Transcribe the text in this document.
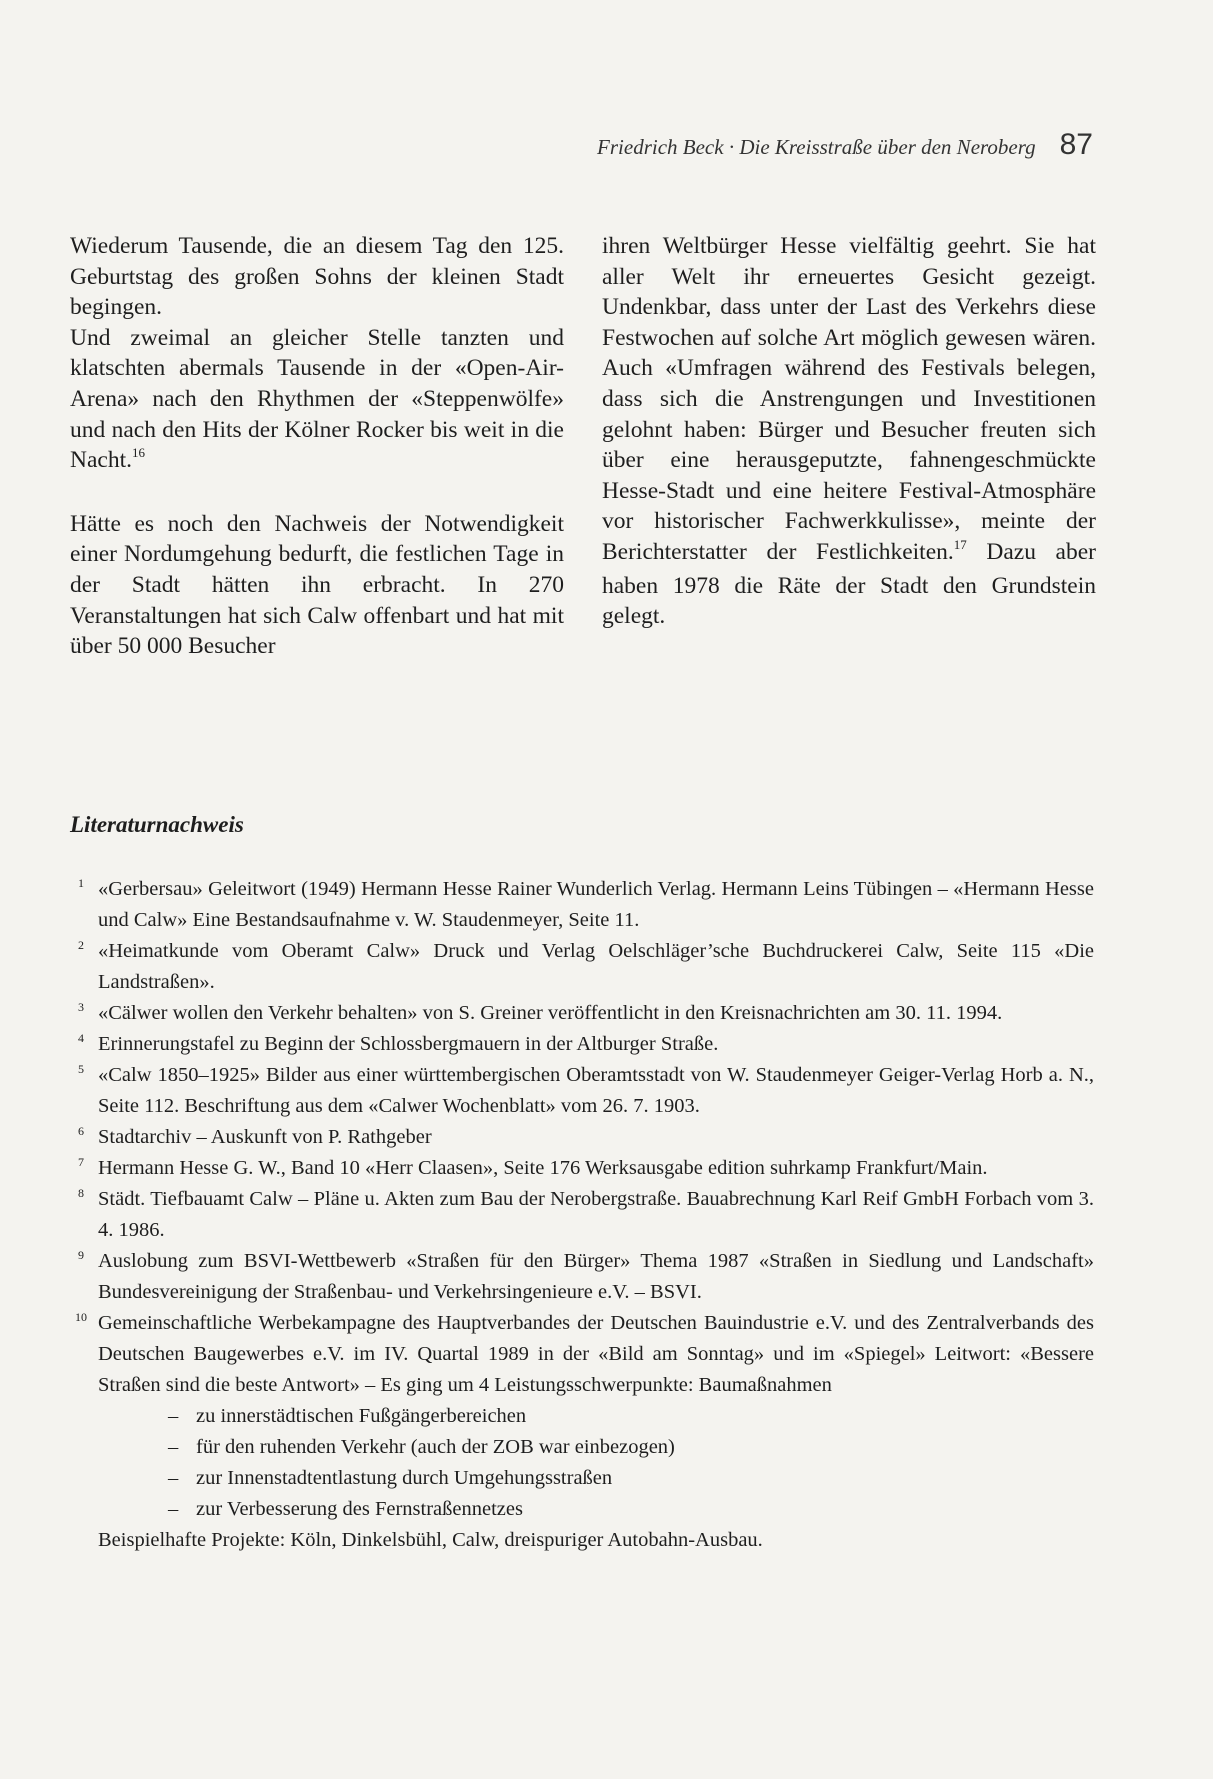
Friedrich Beck · Die Kreisstraße über den Neroberg 87

Wiederum Tausende, die an diesem Tag den 125. Geburtstag des großen Sohns der kleinen Stadt begingen.

Und zweimal an gleicher Stelle tanzten und klatschten abermals Tausende in der «Open-Air-Arena» nach den Rhythmen der «Steppenwölfe» und nach den Hits der Kölner Rocker bis weit in die Nacht.$^{16}$

Hätte es noch den Nachweis der Notwendigkeit einer Nordumgehung bedurft, die festlichen Tage in der Stadt hätten ihn erbracht. In 270 Veranstaltungen hat sich Calw offenbart und hat mit über 50 000 Besucher

ihren Weltbürger Hesse vielfältig geehrt. Sie hat aller Welt ihr erneuertes Gesicht gezeigt. Undenkbar, dass unter der Last des Verkehrs diese Festwochen auf solche Art möglich gewesen wären. Auch «Umfragen während des Festivals belegen, dass sich die Anstrengungen und Investitionen gelohnt haben: Bürger und Besucher freuten sich über eine herausgeputzte, fahnengeschmückte Hesse-Stadt und eine heitere Festival-Atmosphäre vor historischer Fachwerkkulisse», meinte der Berichterstatter der Festlichkeiten.$^{17}$ Dazu aber haben 1978 die Räte der Stadt den Grundstein gelegt.

Literaturnachweis
1 «Gerbersau» Geleitwort (1949) Hermann Hesse Rainer Wunderlich Verlag. Hermann Leins Tübingen – «Hermann Hesse und Calw» Eine Bestandsaufnahme v. W. Staudenmeyer, Seite 11.
2 «Heimatkunde vom Oberamt Calw» Druck und Verlag Oelschläger’sche Buchdruckerei Calw, Seite 115 «Die Landstraßen».
3 «Cälwer wollen den Verkehr behalten» von S. Greiner veröffentlicht in den Kreisnachrichten am 30. 11. 1994.
4 Erinnerungstafel zu Beginn der Schlossbergmauern in der Altburger Straße.
5 «Calw 1850–1925» Bilder aus einer württembergischen Oberamtsstadt von W. Staudenmeyer Geiger-Verlag Horb a. N., Seite 112. Beschriftung aus dem «Calwer Wochenblatt» vom 26. 7. 1903.
6 Stadtarchiv – Auskunft von P. Rathgeber
7 Hermann Hesse G. W., Band 10 «Herr Claasen», Seite 176 Werksausgabe edition suhrkamp Frankfurt/Main.
8 Städt. Tiefbauamt Calw – Pläne u. Akten zum Bau der Nerobergstraße. Bauabrechnung Karl Reif GmbH Forbach vom 3. 4. 1986.
9 Auslobung zum BSVI-Wettbewerb «Straßen für den Bürger» Thema 1987 «Straßen in Siedlung und Landschaft» Bundesvereinigung der Straßenbau- und Verkehrsingenieure e.V. – BSVI.
10 Gemeinschaftliche Werbekampagne des Hauptverbandes der Deutschen Bauindustrie e.V. und des Zentralverbands des Deutschen Baugewerbes e.V. im IV. Quartal 1989 in der «Bild am Sonntag» und im «Spiegel» Leitwort: «Bessere Straßen sind die beste Antwort» – Es ging um 4 Leistungsschwerpunkte: Baumaßnahmen
– zu innerstädtischen Fußgängerbereichen
– für den ruhenden Verkehr (auch der ZOB war einbezogen)
– zur Innenstadtentlastung durch Umgehungsstraßen
– zur Verbesserung des Fernstraßennetzes
Beispielhafte Projekte: Köln, Dinkelsbühl, Calw, dreispuriger Autobahn-Ausbau.
